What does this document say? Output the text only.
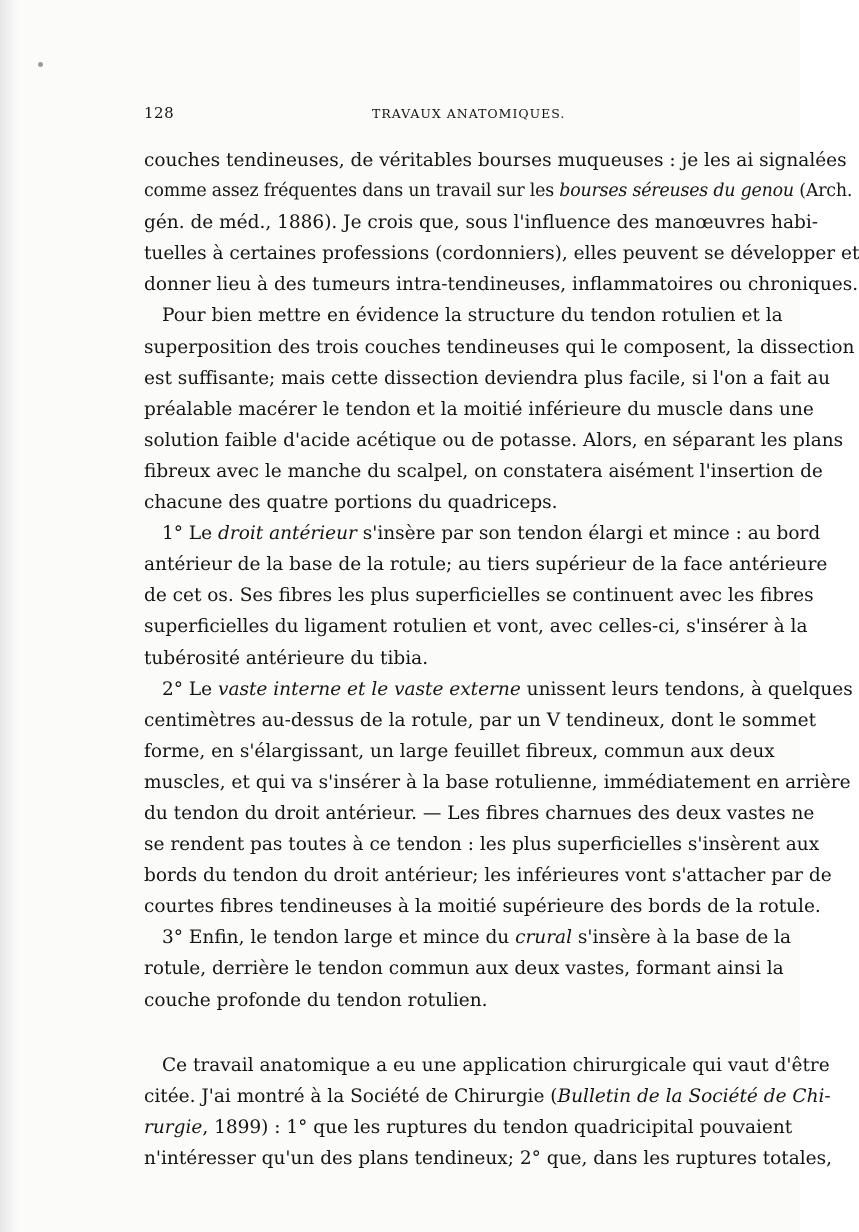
128	TRAVAUX ANATOMIQUES.
couches tendineuses, de véritables bourses muqueuses : je les ai signalées
comme assez fréquentes dans un travail sur les bourses séreuses du genou (Arch.
gén. de méd., 1886). Je crois que, sous l'influence des manœuvres habi-
tuelles à certaines professions (cordonniers), elles peuvent se développer et
donner lieu à des tumeurs intra-tendineuses, inflammatoires ou chroniques.
Pour bien mettre en évidence la structure du tendon rotulien et la
superposition des trois couches tendineuses qui le composent, la dissection
est suffisante; mais cette dissection deviendra plus facile, si l'on a fait au
préalable macérer le tendon et la moitié inférieure du muscle dans une
solution faible d'acide acétique ou de potasse. Alors, en séparant les plans
fibreux avec le manche du scalpel, on constatera aisément l'insertion de
chacune des quatre portions du quadriceps.
1° Le droit antérieur s'insère par son tendon élargi et mince : au bord
antérieur de la base de la rotule; au tiers supérieur de la face antérieure
de cet os. Ses fibres les plus superficielles se continuent avec les fibres
superficielles du ligament rotulien et vont, avec celles-ci, s'insérer à la
tubérosité antérieure du tibia.
2° Le vaste interne et le vaste externe unissent leurs tendons, à quelques
centimètres au-dessus de la rotule, par un V tendineux, dont le sommet
forme, en s'élargissant, un large feuillet fibreux, commun aux deux
muscles, et qui va s'insérer à la base rotulienne, immédiatement en arrière
du tendon du droit antérieur. — Les fibres charnues des deux vastes ne
se rendent pas toutes à ce tendon : les plus superficielles s'insèrent aux
bords du tendon du droit antérieur; les inférieures vont s'attacher par de
courtes fibres tendineuses à la moitié supérieure des bords de la rotule.
3° Enfin, le tendon large et mince du crural s'insère à la base de la
rotule, derrière le tendon commun aux deux vastes, formant ainsi la
couche profonde du tendon rotulien.
Ce travail anatomique a eu une application chirurgicale qui vaut d'être
citée. J'ai montré à la Société de Chirurgie (Bulletin de la Société de Chi-
rurgie, 1899) : 1° que les ruptures du tendon quadricipital pouvaient
n'intéresser qu'un des plans tendineux; 2° que, dans les ruptures totales,
